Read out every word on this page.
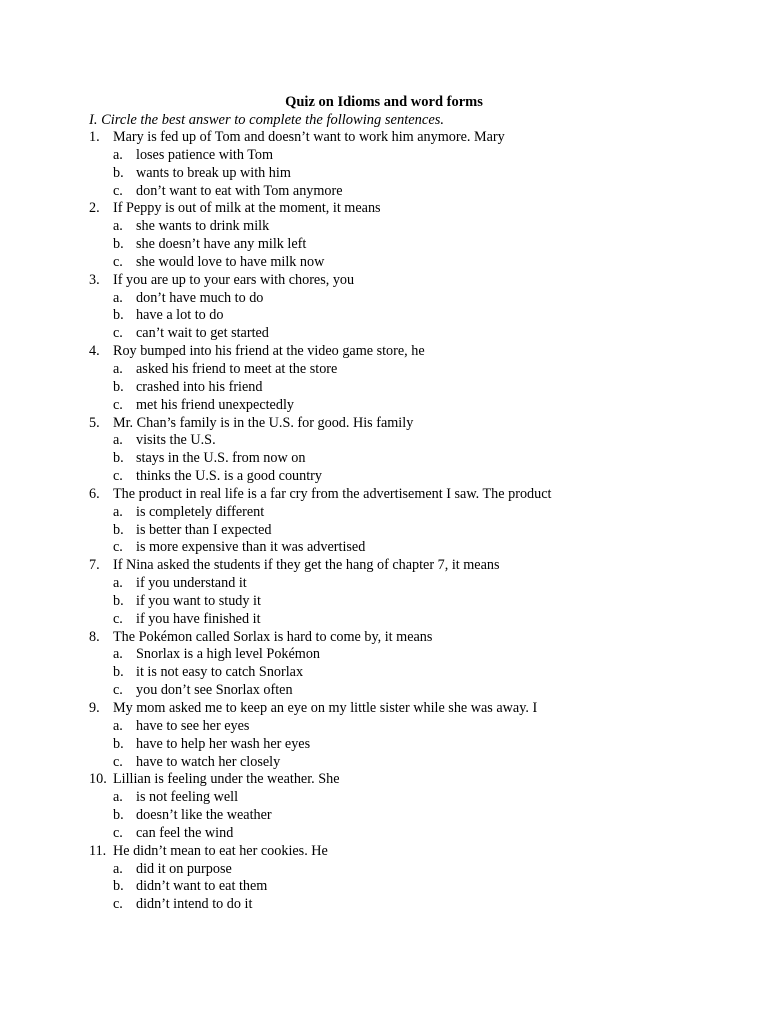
Quiz on Idioms and word forms
I. Circle the best answer to complete the following sentences.
1. Mary is fed up of Tom and doesn’t want to work him anymore. Mary
a. loses patience with Tom
b. wants to break up with him
c. don’t want to eat with Tom anymore
2. If Peppy is out of milk at the moment, it means
a. she wants to drink milk
b. she doesn’t have any milk left
c. she would love to have milk now
3. If you are up to your ears with chores, you
a. don’t have much to do
b. have a lot to do
c. can’t wait to get started
4. Roy bumped into his friend at the video game store, he
a. asked his friend to meet at the store
b. crashed into his friend
c. met his friend unexpectedly
5. Mr. Chan’s family is in the U.S. for good. His family
a. visits the U.S.
b. stays in the U.S. from now on
c. thinks the U.S. is a good country
6. The product in real life is a far cry from the advertisement I saw. The product
a. is completely different
b. is better than I expected
c. is more expensive than it was advertised
7. If Nina asked the students if they get the hang of chapter 7, it means
a. if you understand it
b. if you want to study it
c. if you have finished it
8. The Pokémon called Sorlax is hard to come by, it means
a. Snorlax is a high level Pokémon
b. it is not easy to catch Snorlax
c. you don’t see Snorlax often
9. My mom asked me to keep an eye on my little sister while she was away. I
a. have to see her eyes
b. have to help her wash her eyes
c. have to watch her closely
10. Lillian is feeling under the weather. She
a. is not feeling well
b. doesn’t like the weather
c. can feel the wind
11. He didn’t mean to eat her cookies. He
a. did it on purpose
b. didn’t want to eat them
c. didn’t intend to do it
